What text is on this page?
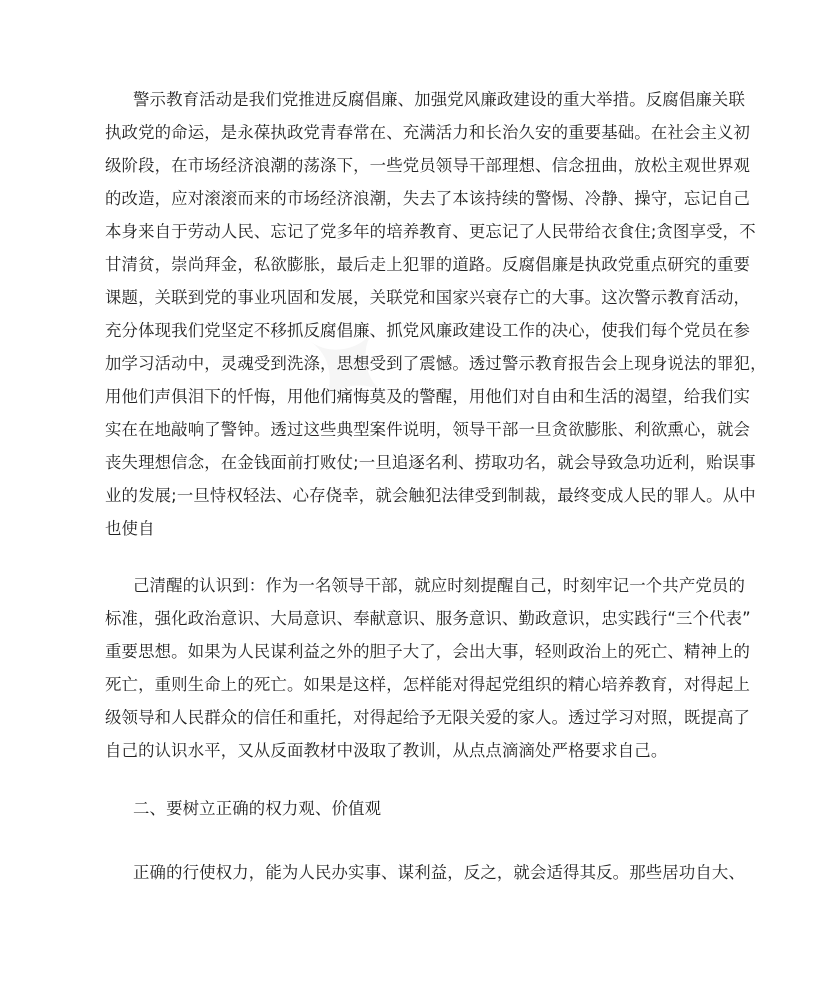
警示教育活动是我们党推进反腐倡廉、加强党风廉政建设的重大举措。反腐倡廉关联
执政党的命运，是永葆执政党青春常在、充满活力和长治久安的重要基础。在社会主义初
级阶段，在市场经济浪潮的荡涤下，一些党员领导干部理想、信念扭曲，放松主观世界观
的改造，应对滚滚而来的市场经济浪潮，失去了本该持续的警惕、冷静、操守，忘记自己
本身来自于劳动人民、忘记了党多年的培养教育、更忘记了人民带给衣食住;贪图享受，不
甘清贫，崇尚拜金，私欲膨胀，最后走上犯罪的道路。反腐倡廉是执政党重点研究的重要
课题，关联到党的事业巩固和发展，关联党和国家兴衰存亡的大事。这次警示教育活动，
充分体现我们党坚定不移抓反腐倡廉、抓党风廉政建设工作的决心，使我们每个党员在参
加学习活动中，灵魂受到洗涤，思想受到了震憾。透过警示教育报告会上现身说法的罪犯，
用他们声俱泪下的忏悔，用他们痛悔莫及的警醒，用他们对自由和生活的渴望，给我们实
实在在地敲响了警钟。透过这些典型案件说明，领导干部一旦贪欲膨胀、利欲熏心，就会
丧失理想信念，在金钱面前打败仗;一旦追逐名利、捞取功名，就会导致急功近利，贻误事
业的发展;一旦恃权轻法、心存侥幸，就会触犯法律受到制裁，最终变成人民的罪人。从中
也使自
己清醒的认识到：作为一名领导干部，就应时刻提醒自己，时刻牢记一个共产党员的
标准，强化政治意识、大局意识、奉献意识、服务意识、勤政意识，忠实践行“三个代表”
重要思想。如果为人民谋利益之外的胆子大了，会出大事，轻则政治上的死亡、精神上的
死亡，重则生命上的死亡。如果是这样，怎样能对得起党组织的精心培养教育，对得起上
级领导和人民群众的信任和重托，对得起给予无限关爱的家人。透过学习对照，既提高了
自己的认识水平，又从反面教材中汲取了教训，从点点滴滴处严格要求自己。
二、要树立正确的权力观、价值观
正确的行使权力，能为人民办实事、谋利益，反之，就会适得其反。那些居功自大、
